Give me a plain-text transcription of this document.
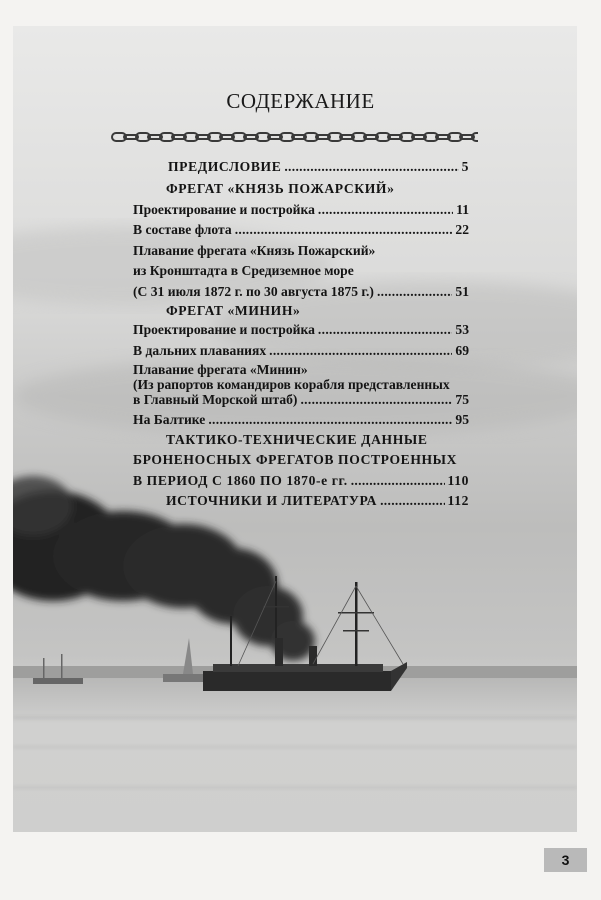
СОДЕРЖАНИЕ
ПРЕДИСЛОВИЕ .....	5
ФРЕГАТ «КНЯЗЬ ПОЖАРСКИЙ»
Проектирование и постройка .....	11
В составе флота .....	22
Плавание фрегата «Князь Пожарский»
из Кронштадта в Средиземное море
(С 31 июля 1872 г. по 30 августа 1875 г.) .....	51
ФРЕГАТ «МИНИН»
Проектирование и постройка .....	53
В дальних плаваниях .....	69
Плавание фрегата «Минин»
(Из рапортов командиров корабля представленных
в Главный Морской штаб) .....	75
На Балтике .....	95
ТАКТИКО-ТЕХНИЧЕСКИЕ ДАННЫЕ
БРОНЕНОСНЫХ ФРЕГАТОВ ПОСТРОЕННЫХ
В ПЕРИОД С 1860 ПО 1870-е гг. .....	110
ИСТОЧНИКИ И ЛИТЕРАТУРА .....	112
3
